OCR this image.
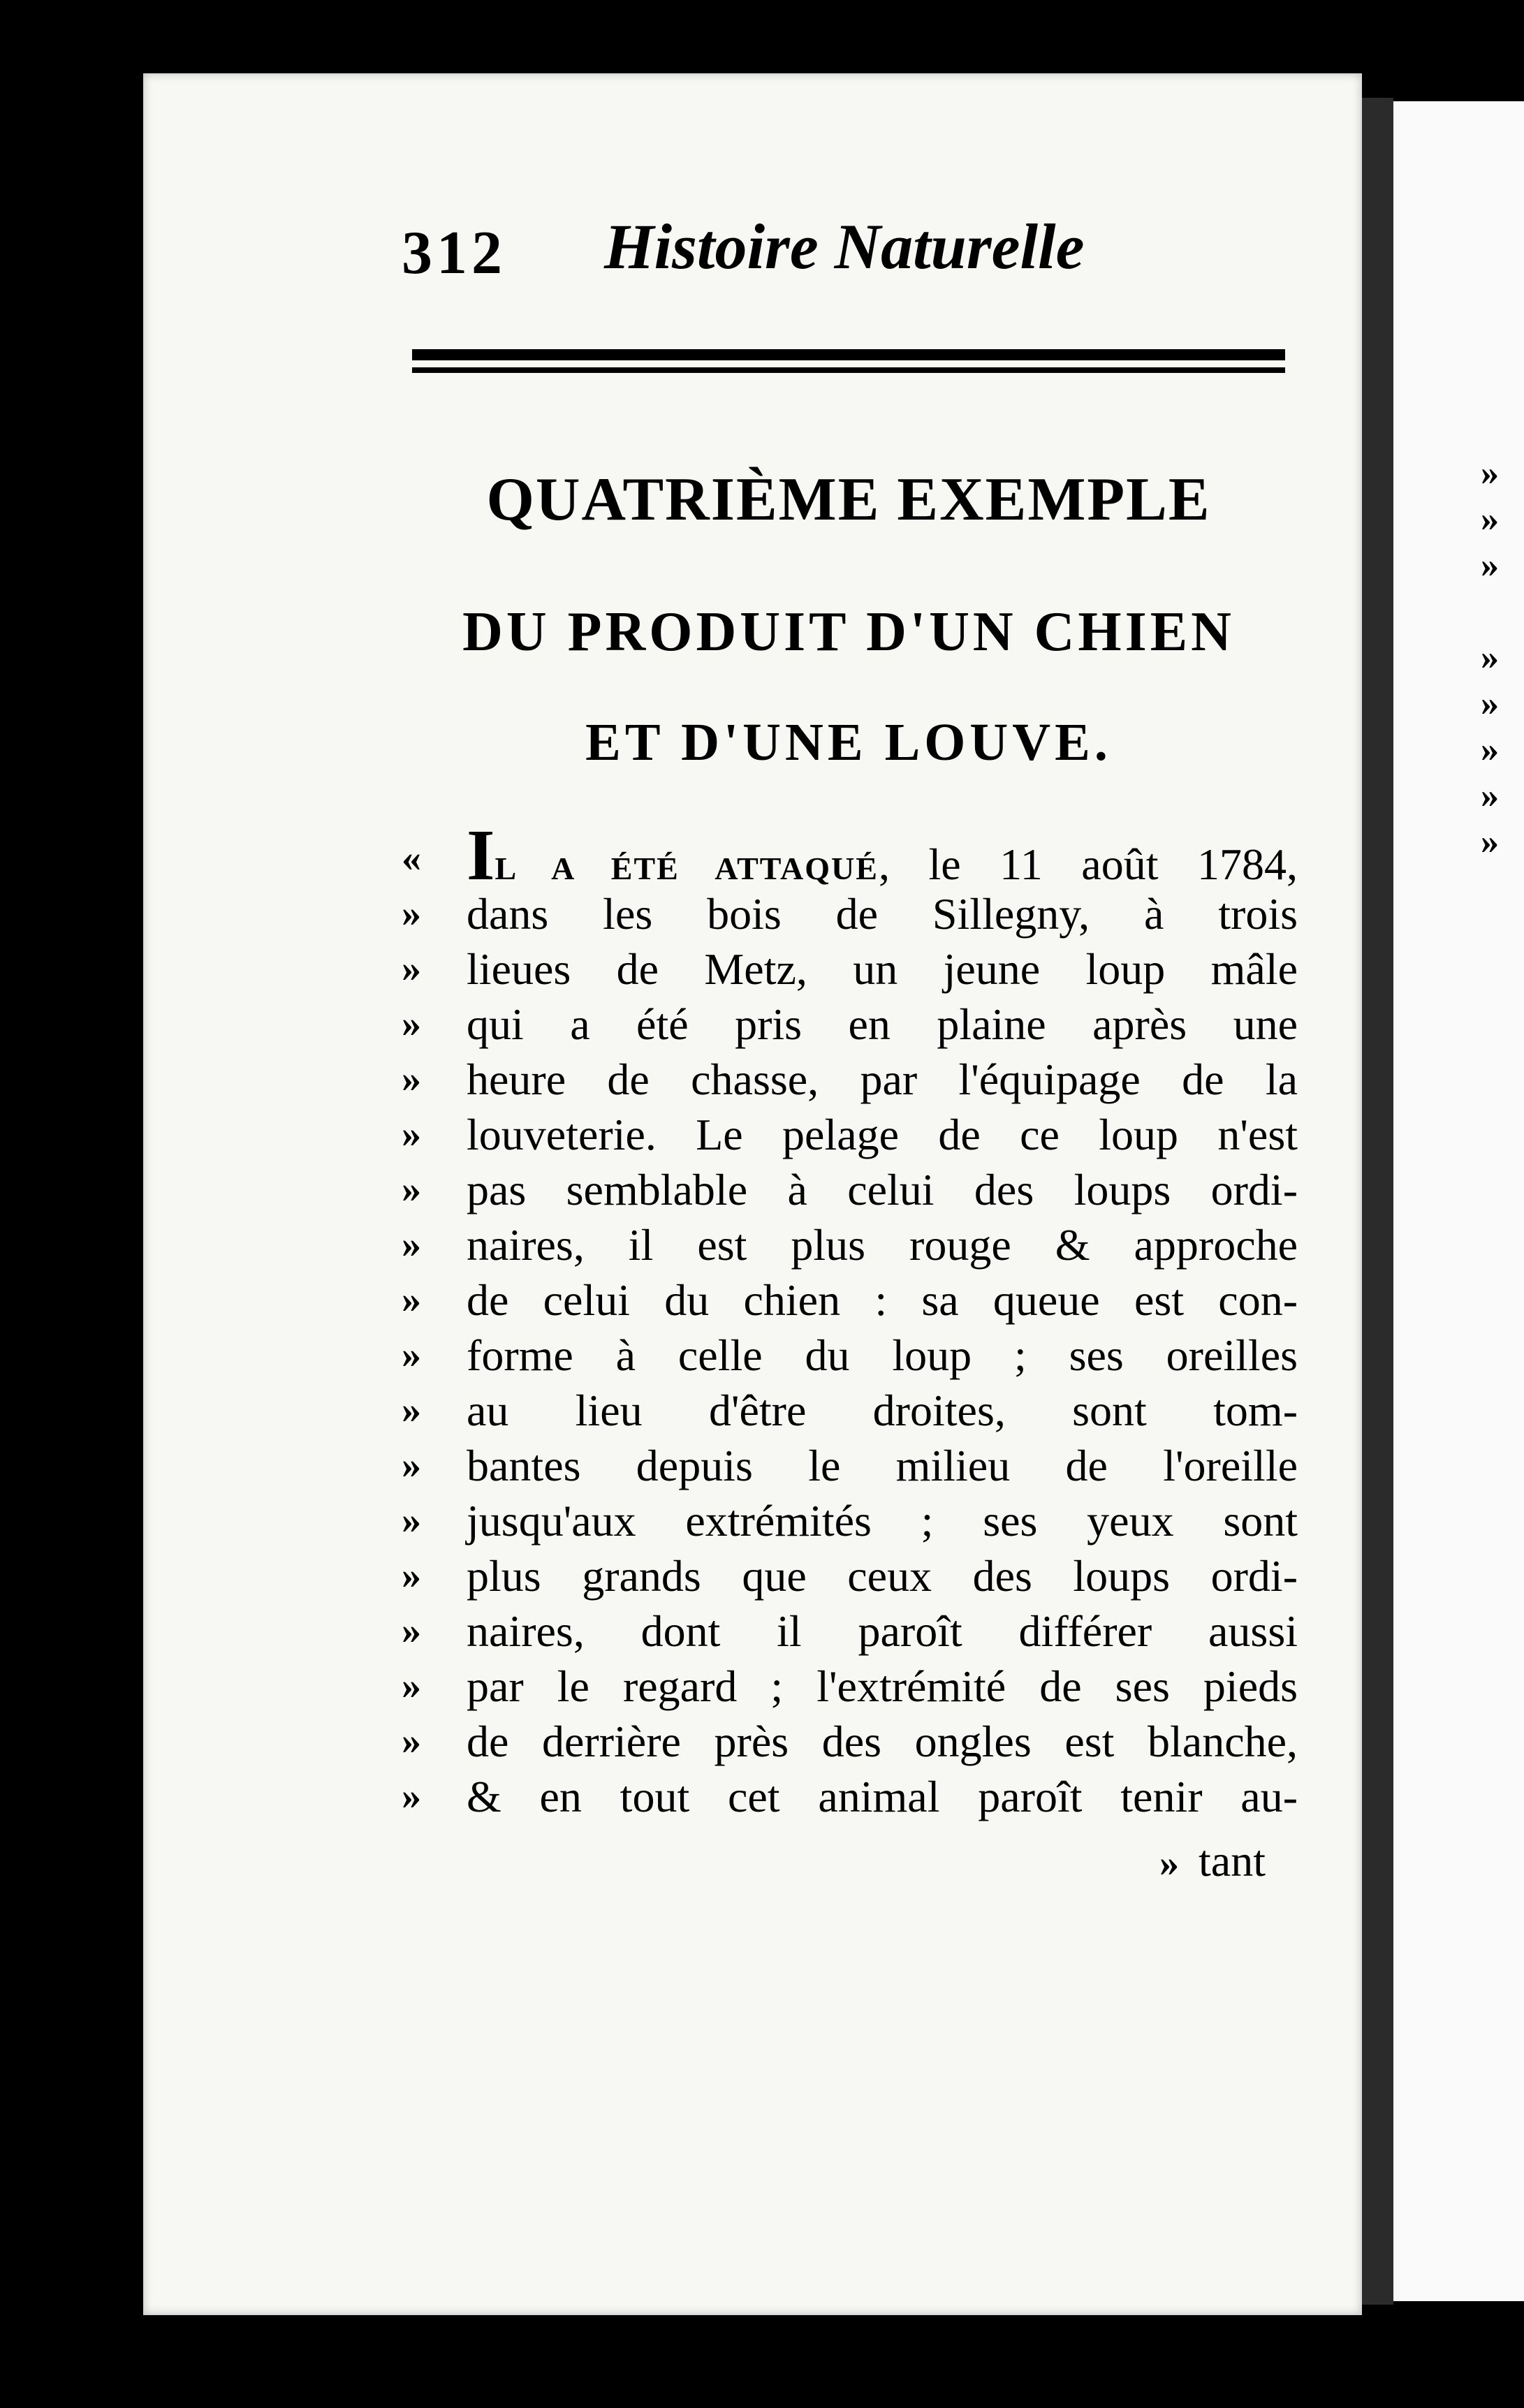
»
»
»
»
»
»
»
»
312 Histoire Naturelle
QUATRIÈME EXEMPLE
DU PRODUIT D'UN CHIEN
ET D'UNE LOUVE.
«
»
»
»
»
»
»
»
»
»
»
»
»
»
»
»
»
»
IL A ÉTÉ ATTAQUÉ, le 11 août 1784,
dans les bois de Sillegny, à trois
lieues de Metz, un jeune loup mâle
qui a été pris en plaine après une
heure de chasse, par l'équipage de la
louveterie. Le pelage de ce loup n'est
pas semblable à celui des loups ordi-
naires, il est plus rouge & approche
de celui du chien : sa queue est con-
forme à celle du loup ; ses oreilles
au lieu d'être droites, sont tom-
bantes depuis le milieu de l'oreille
jusqu'aux extrémités ; ses yeux sont
plus grands que ceux des loups ordi-
naires, dont il paroît différer aussi
par le regard ; l'extrémité de ses pieds
de derrière près des ongles est blanche,
& en tout cet animal paroît tenir au-
» tant
